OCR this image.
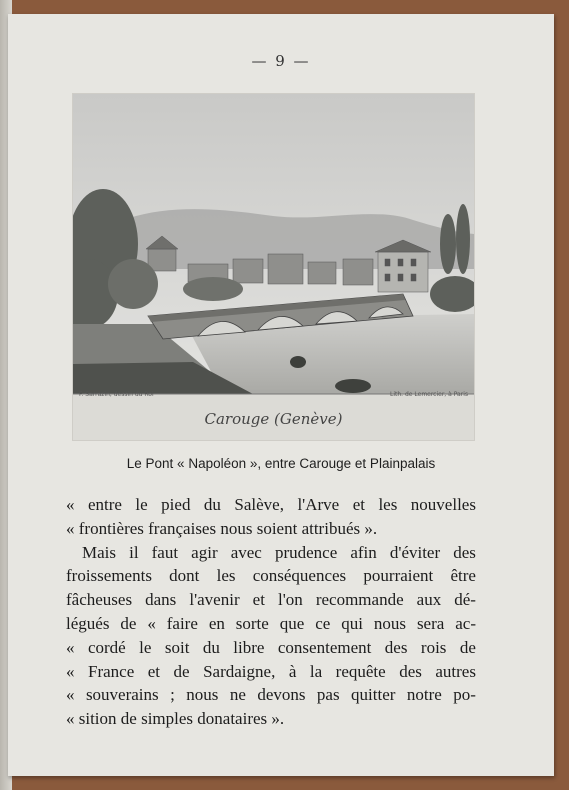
— 9 —
F. Sarrazin, dessin du Roi	Lith. de Lemercier, à Paris
Carouge (Genève)
Le Pont « Napoléon », entre Carouge et Plainpalais
« entre le pied du Salève, l'Arve et les nouvelles
« frontières françaises nous soient attribués ».
Mais il faut agir avec prudence afin d'éviter des
froissements dont les conséquences pourraient être
fâcheuses dans l'avenir et l'on recommande aux dé-
légués de « faire en sorte que ce qui nous sera ac-
« cordé le soit du libre consentement des rois de
« France et de Sardaigne, à la requête des autres
« souverains ; nous ne devons pas quitter notre po-
« sition de simples donataires ».
